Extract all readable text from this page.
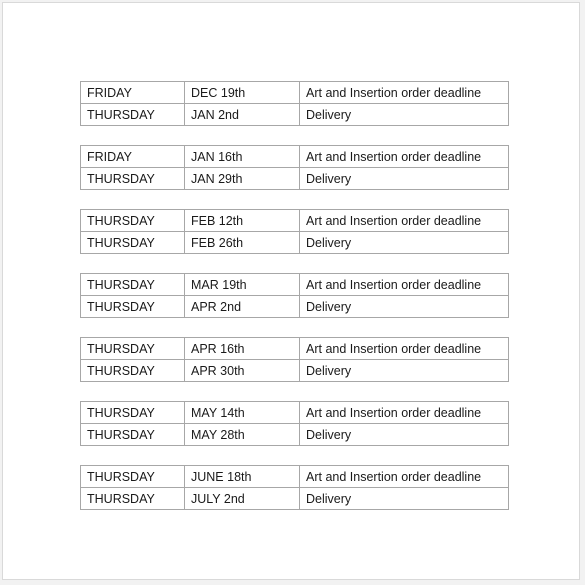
FRIDAY	DEC 19th	Art and Insertion order deadline
THURSDAY	JAN 2nd	Delivery
FRIDAY	JAN 16th	Art and Insertion order deadline
THURSDAY	JAN 29th	Delivery
THURSDAY	FEB 12th	Art and Insertion order deadline
THURSDAY	FEB 26th	Delivery
THURSDAY	MAR 19th	Art and Insertion order deadline
THURSDAY	APR 2nd	Delivery
THURSDAY	APR 16th	Art and Insertion order deadline
THURSDAY	APR 30th	Delivery
THURSDAY	MAY 14th	Art and Insertion order deadline
THURSDAY	MAY 28th	Delivery
THURSDAY	JUNE 18th	Art and Insertion order deadline
THURSDAY	JULY 2nd	Delivery
